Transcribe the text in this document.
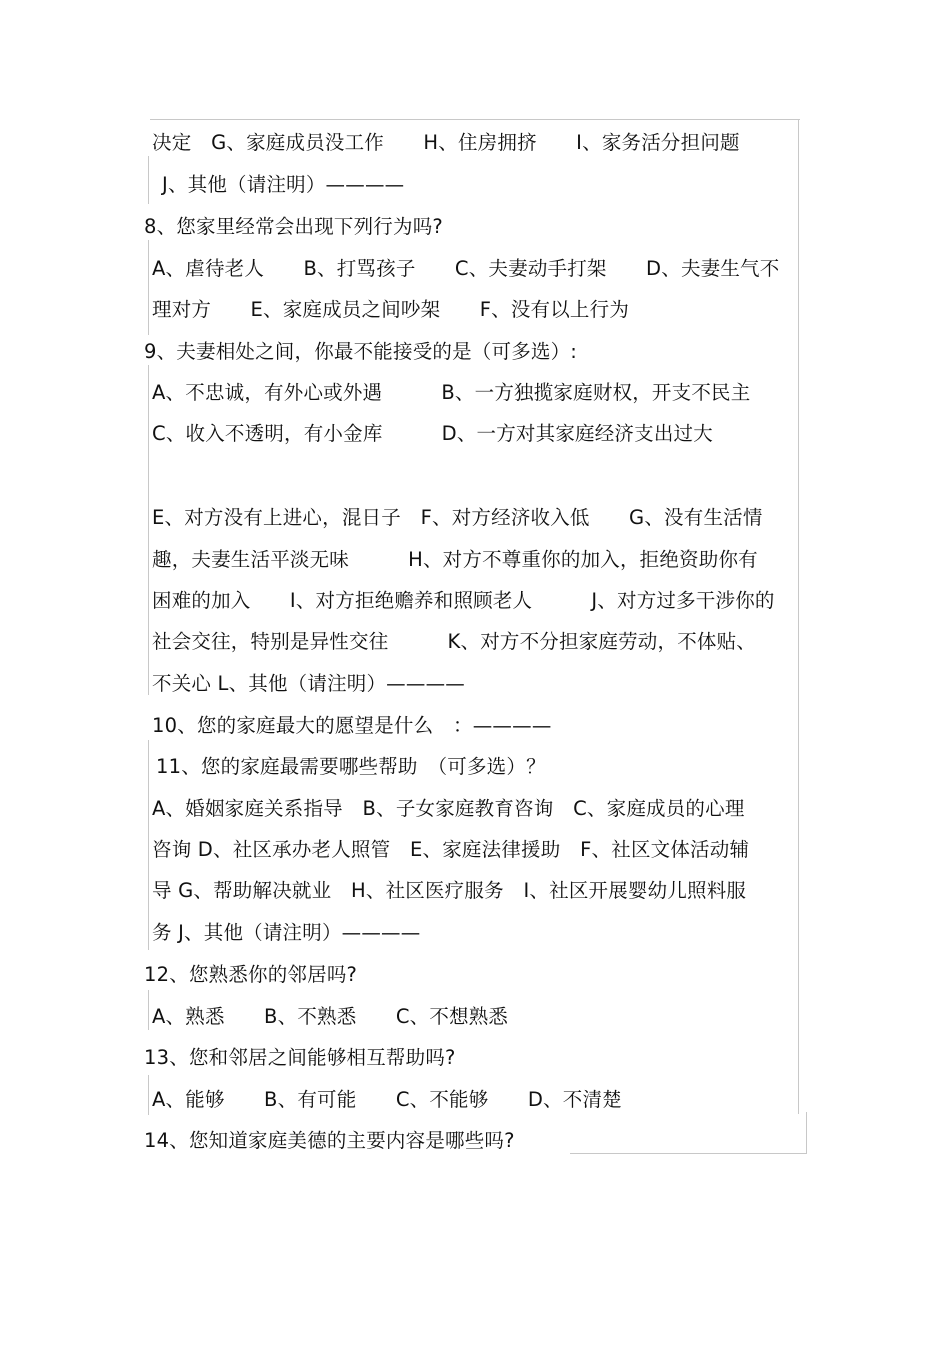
决定　G、家庭成员没工作　　H、住房拥挤　　I、家务活分担问题
J、其他（请注明）————
8、您家里经常会出现下列行为吗?
A、虐待老人　　B、打骂孩子　　C、夫妻动手打架　　D、夫妻生气不
理对方　　E、家庭成员之间吵架　　F、没有以上行为
9、夫妻相处之间，你最不能接受的是（可多选）:
A、不忠诚，有外心或外遇　　　B、一方独揽家庭财权，开支不民主
C、收入不透明，有小金库　　　D、一方对其家庭经济支出过大
E、对方没有上进心，混日子　F、对方经济收入低　　G、没有生活情
趣，夫妻生活平淡无味　　　H、对方不尊重你的加入，拒绝资助你有
困难的加入　　I、对方拒绝赡养和照顾老人　　　J、对方过多干涉你的
社会交往，特别是异性交往　　　K、对方不分担家庭劳动，不体贴、
不关心 L、其他（请注明）————
10、您的家庭最大的愿望是什么　：————
11、您的家庭最需要哪些帮助　（可多选）？
A、婚姻家庭关系指导　B、子女家庭教育咨询　C、家庭成员的心理
咨询 D、社区承办老人照管　E、家庭法律援助　F、社区文体活动辅
导 G、帮助解决就业　H、社区医疗服务　I、社区开展婴幼儿照料服
务 J、其他（请注明）————
12、您熟悉你的邻居吗?
A、熟悉　　B、不熟悉　　C、不想熟悉
13、您和邻居之间能够相互帮助吗?
A、能够　　B、有可能　　C、不能够　　D、不清楚
14、您知道家庭美德的主要内容是哪些吗?
